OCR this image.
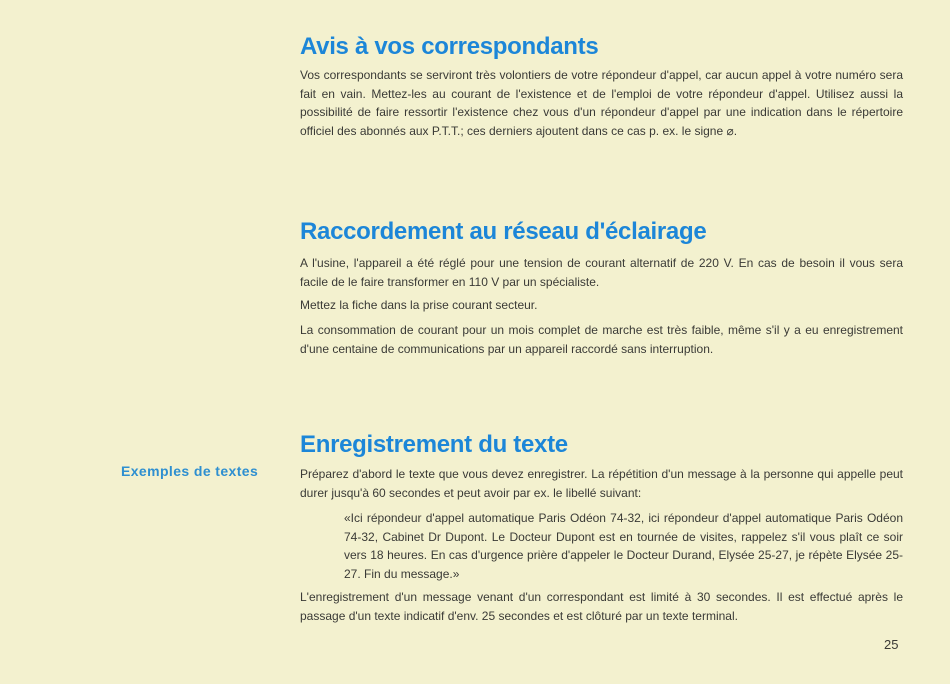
Avis à vos correspondants

Vos correspondants se serviront très volontiers de votre répondeur d'appel, car aucun appel à votre numéro sera fait en vain. Mettez-les au courant de l'existence et de l'emploi de votre répondeur d'appel. Utilisez aussi la possibilité de faire ressortir l'existence chez vous d'un répondeur d'appel par une indication dans le répertoire officiel des abonnés aux P.T.T.; ces derniers ajoutent dans ce cas p. ex. le signe ⌀.

Raccordement au réseau d'éclairage

A l'usine, l'appareil a été réglé pour une tension de courant alternatif de 220 V. En cas de besoin il vous sera facile de le faire transformer en 110 V par un spécialiste.

Mettez la fiche dans la prise courant secteur.

La consommation de courant pour un mois complet de marche est très faible, même s'il y a eu enregistrement d'une centaine de communications par un appareil raccordé sans interruption.

Exemples de textes

Enregistrement du texte

Préparez d'abord le texte que vous devez enregistrer. La répétition d'un message à la personne qui appelle peut durer jusqu'à 60 secondes et peut avoir par ex. le libellé suivant:

«Ici répondeur d'appel automatique Paris Odéon 74-32, ici répondeur d'appel automatique Paris Odéon 74-32, Cabinet Dr Dupont. Le Docteur Dupont est en tournée de visites, rappelez s'il vous plaît ce soir vers 18 heures. En cas d'urgence prière d'appeler le Docteur Durand, Elysée 25-27, je répète Elysée 25-27. Fin du message.»

L'enregistrement d'un message venant d'un correspondant est limité à 30 secondes. Il est effectué après le passage d'un texte indicatif d'env. 25 secondes et est clôturé par un texte terminal.

25
